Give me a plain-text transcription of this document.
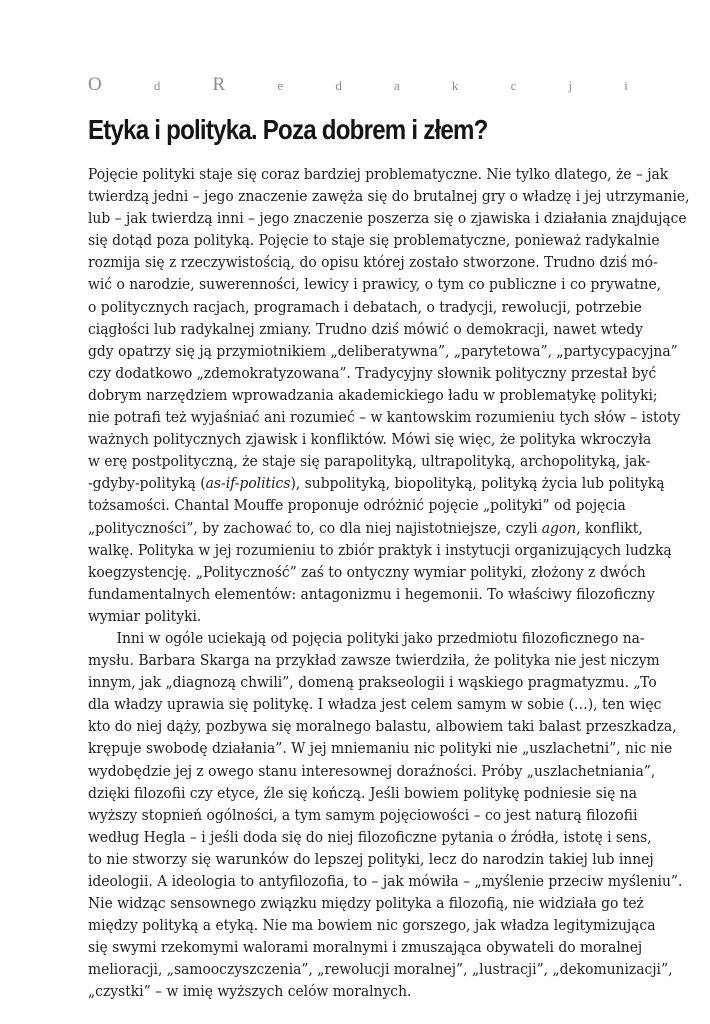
O	d	R	e	d	a	k	c	j	i
Etyka i polityka. Poza dobrem i złem?
Pojęcie polityki staje się coraz bardziej problematyczne. Nie tylko dlatego, że – jak
twierdzą jedni – jego znaczenie zawęża się do brutalnej gry o władzę i jej utrzymanie,
lub – jak twierdzą inni – jego znaczenie poszerza się o zjawiska i działania znajdujące
się dotąd poza polityką. Pojęcie to staje się problematyczne, ponieważ radykalnie
rozmija się z rzeczywistością, do opisu której zostało stworzone. Trudno dziś mó-
wić o narodzie, suwerenności, lewicy i prawicy, o tym co publiczne i co prywatne,
o politycznych racjach, programach i debatach, o tradycji, rewolucji, potrzebie
ciągłości lub radykalnej zmiany. Trudno dziś mówić o demokracji, nawet wtedy
gdy opatrzy się ją przymiotnikiem „deliberatywna”, „parytetowa”, „partycypacyjna”
czy dodatkowo „zdemokratyzowana”. Tradycyjny słownik polityczny przestał być
dobrym narzędziem wprowadzania akademickiego ładu w problematykę polityki;
nie potrafi też wyjaśniać ani rozumieć – w kantowskim rozumieniu tych słów – istoty
ważnych politycznych zjawisk i konfliktów. Mówi się więc, że polityka wkroczyła
w erę postpolityczną, że staje się parapolityką, ultrapolityką, archopolityką, jak-
-gdyby-polityką (as-if-politics), subpolityką, biopolityką, polityką życia lub polityką
tożsamości. Chantal Mouffe proponuje odróżnić pojęcie „polityki” od pojęcia
„polityczności”, by zachować to, co dla niej najistotniejsze, czyli agon, konflikt,
walkę. Polityka w jej rozumieniu to zbiór praktyk i instytucji organizujących ludzką
koegzystencję. „Polityczność” zaś to ontyczny wymiar polityki, złożony z dwóch
fundamentalnych elementów: antagonizmu i hegemonii. To właściwy filozoficzny
wymiar polityki.
Inni w ogóle uciekają od pojęcia polityki jako przedmiotu filozoficznego na-
mysłu. Barbara Skarga na przykład zawsze twierdziła, że polityka nie jest niczym
innym, jak „diagnozą chwili”, domeną prakseologii i wąskiego pragmatyzmu. „To
dla władzy uprawia się politykę. I władza jest celem samym w sobie (…), ten więc
kto do niej dąży, pozbywa się moralnego balastu, albowiem taki balast przeszkadza,
krępuje swobodę działania”. W jej mniemaniu nic polityki nie „uszlachetni”, nic nie
wydobędzie jej z owego stanu interesownej doraźności. Próby „uszlachetniania”,
dzięki filozofii czy etyce, źle się kończą. Jeśli bowiem politykę podniesie się na
wyższy stopnień ogólności, a tym samym pojęciowości – co jest naturą filozofii
według Hegla – i jeśli doda się do niej filozoficzne pytania o źródła, istotę i sens,
to nie stworzy się warunków do lepszej polityki, lecz do narodzin takiej lub innej
ideologii. A ideologia to antyfilozofia, to – jak mówiła – „myślenie przeciw myśleniu”.
Nie widząc sensownego związku między polityka a filozofią, nie widziała go też
między polityką a etyką. Nie ma bowiem nic gorszego, jak władza legitymizująca
się swymi rzekomymi walorami moralnymi i zmuszająca obywateli do moralnej
melioracji, „samooczyszczenia”, „rewolucji moralnej”, „lustracji”, „dekomunizacji”,
„czystki” – w imię wyższych celów moralnych.
